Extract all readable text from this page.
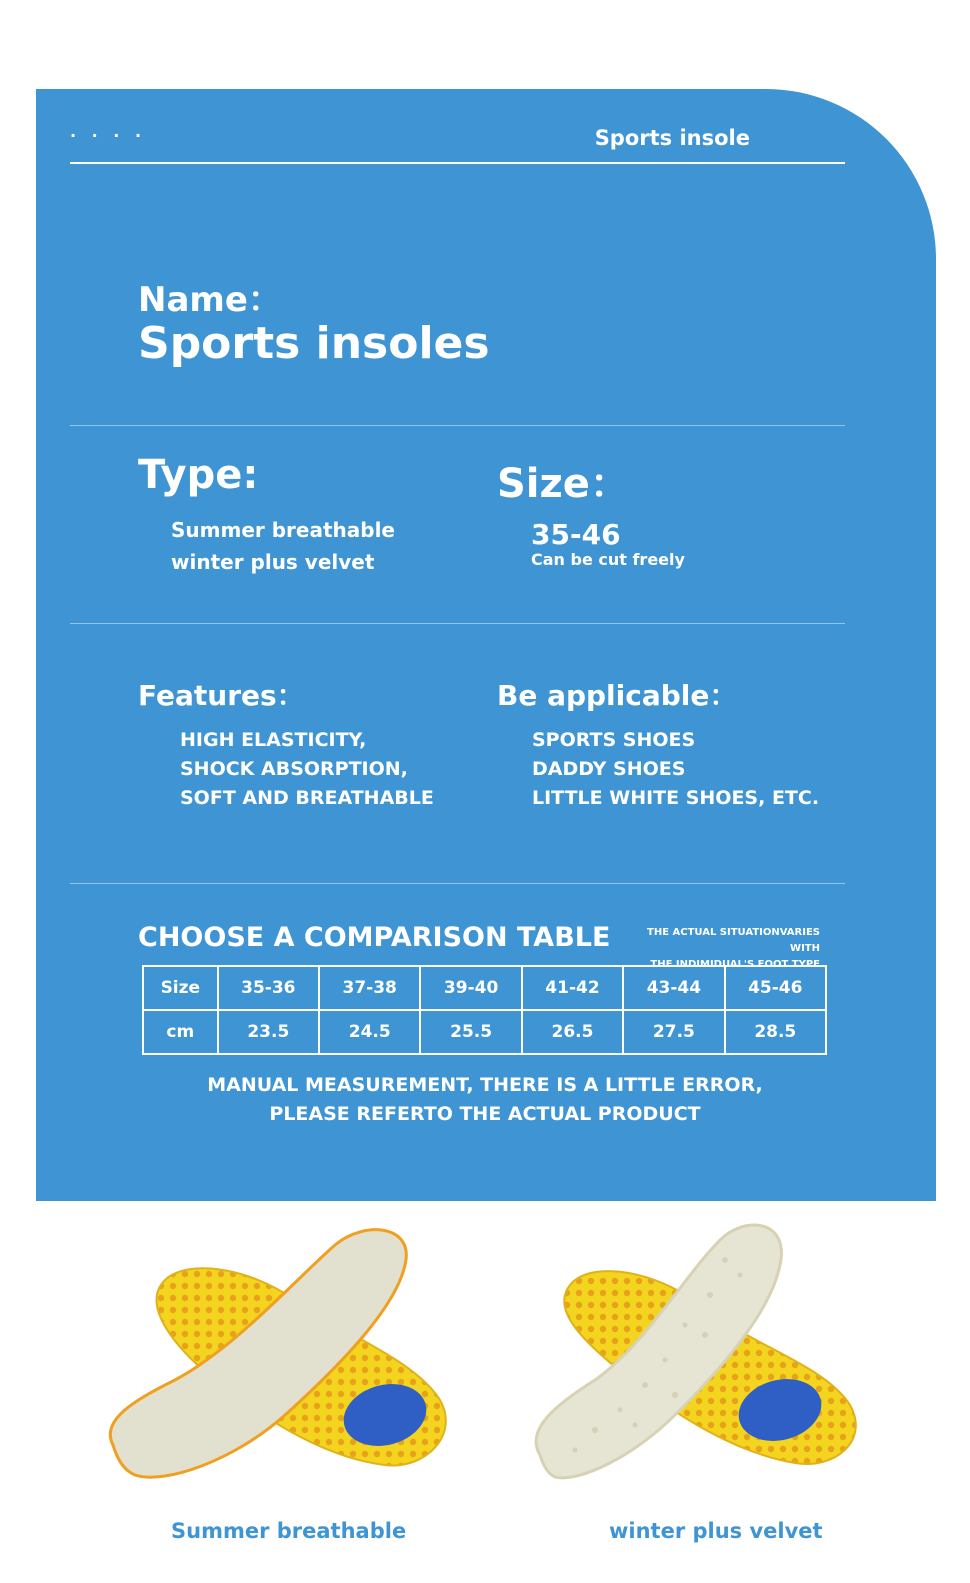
· · · ·	Sports insole
Name：
Sports insoles
Type:
Summer breathable
winter plus velvet
Size：
35-46
Can be cut freely
Features：
HIGH ELASTICITY,
SHOCK ABSORPTION,
SOFT AND BREATHABLE
Be applicable：
SPORTS SHOES
DADDY SHOES
LITTLE WHITE SHOES, ETC.
CHOOSE A COMPARISON TABLE	THE ACTUAL SITUATIONVARIES WITH
THE INDIMIDUAL'S FOOT TYPE
Size	35-36	37-38	39-40	41-42	43-44	45-46
cm	23.5	24.5	25.5	26.5	27.5	28.5
MANUAL MEASUREMENT, THERE IS A LITTLE ERROR,
PLEASE REFERTO THE ACTUAL PRODUCT
Summer breathable	winter plus velvet
